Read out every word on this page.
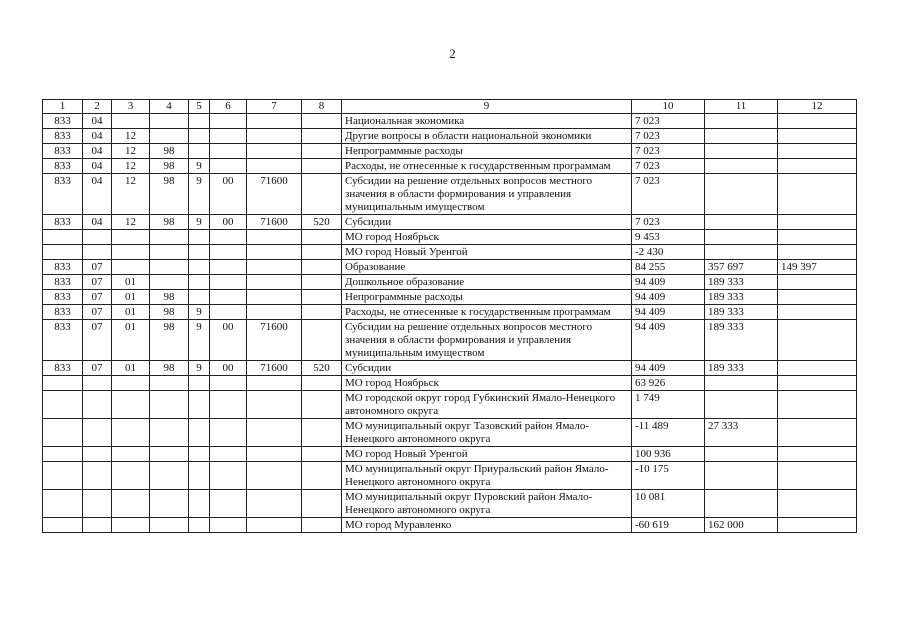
2
1	2	3	4	5	6	7	8	9	10	11	12
833	04							Национальная экономика	7 023		
833	04	12						Другие вопросы в области национальной экономики	7 023		
833	04	12	98					Непрограммные расходы	7 023		
833	04	12	98	9				Расходы, не отнесенные к государственным программам	7 023		
833	04	12	98	9	00	71600		Субсидии на решение отдельных вопросов местного значения в области формирования и управления муниципальным имуществом	7 023		
833	04	12	98	9	00	71600	520	Субсидии	7 023		
								МО город Ноябрьск	9 453		
								МО город Новый Уренгой	-2 430		
833	07							Образование	84 255	357 697	149 397
833	07	01						Дошкольное образование	94 409	189 333	
833	07	01	98					Непрограммные расходы	94 409	189 333	
833	07	01	98	9				Расходы, не отнесенные к государственным программам	94 409	189 333	
833	07	01	98	9	00	71600		Субсидии на решение отдельных вопросов местного значения в области формирования и управления муниципальным имуществом	94 409	189 333	
833	07	01	98	9	00	71600	520	Субсидии	94 409	189 333	
								МО город Ноябрьск	63 926		
								МО городской округ город Губкинский Ямало-Ненецкого автономного округа	1 749		
								МО муниципальный округ Тазовский район Ямало-Ненецкого автономного округа	-11 489	27 333	
								МО город Новый Уренгой	100 936		
								МО муниципальный округ Приуральский район Ямало-Ненецкого автономного округа	-10 175		
								МО муниципальный округ Пуровский район Ямало-Ненецкого автономного округа	10 081		
								МО город Муравленко	-60 619	162 000	
